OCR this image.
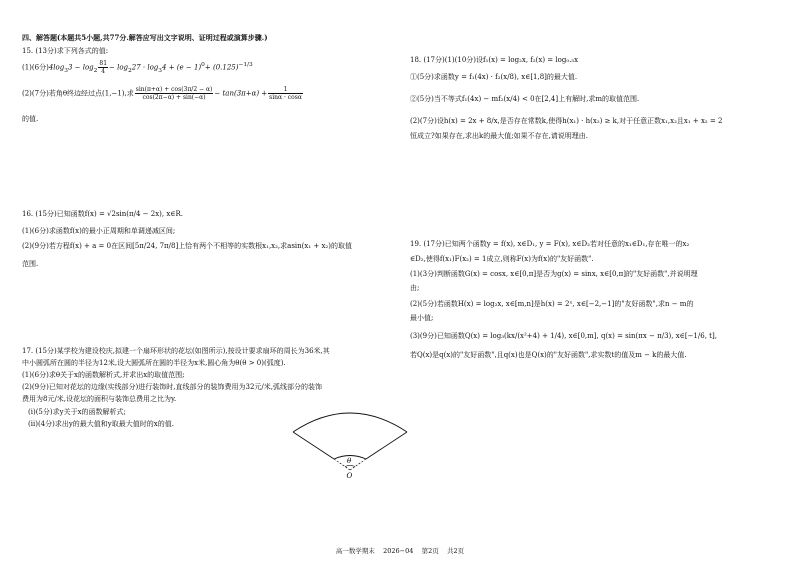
四、解答题(本题共5小题,共77分.解答应写出文字说明、证明过程或演算步骤.)
15. (13分)求下列各式的值:
(1)(6分)$4\log_33 - \log_2 \frac{81}{4} - \log_227 \cdot \log_34 + (e - 1)^0+ (0.125)^{-1/3}$
(2)(7分)若角θ终边经过点(1,−1),求 $\frac{\sin(\pi+\alpha) + \cos(3\pi/2 - \alpha)}{\cos(2\pi-\alpha) + \sin(-\alpha)} - \tan(3\pi+\alpha) + \frac{1}{\sin\alpha \cdot \cos\alpha}$
的值.
16. (15分)已知函数f(x) = √2sin(π/4 − 2x), x∈R.
(1)(6分)求函数f(x)的最小正周期和单调递减区间;
(2)(9分)若方程f(x) + a = 0在区间[5π/24, 7π/8]上恰有两个不相等的实数根x₁,x₂,求asin(x₁ + x₂)的取值
范围.
17. (15分)某学校为建设校庆,拟建一个扇环形状的花坛(如图所示),按设计要求扇环的周长为36米,其
中小圆弧所在圆的半径为12米,设大圆弧所在圆的半径为x米,圆心角为θ(θ > 0)(弧度).
(1)(6分)求θ关于x的函数解析式,并求出x的取值范围;
(2)(9分)已知对花坛的边缘(实线部分)进行装饰时,直线部分的装饰费用为32元/米,弧线部分的装饰
费用为8元/米,设花坛的面积与装饰总费用之比为y.
(ⅰ)(5分)求y关于x的函数解析式;
(ⅱ)(4分)求出y的最大值和y取最大值时的x的值.
θ
O
18. (17分)(1)(10分)设f₁(x) = log₂x, f₂(x) = log₀.₅x
①(5分)求函数y = f₁(4x) · f₂(x/8), x∈[1,8]的最大值.
②(5分)当不等式f₁(4x) − mf₂(x/4) < 0在[2,4]上有解时,求m的取值范围.
(2)(7分)设h(x) = 2x + 8/x,是否存在常数k,使得h(x₁) · h(x₂) ≥ k,对于任意正数x₁,x₂且x₁ + x₂ = 2
恒成立?如果存在,求出k的最大值;如果不存在,请说明理由.
19. (17分)已知两个函数y = f(x), x∈D₁, y = F(x), x∈D₂若对任意的x₁∈D₁,存在唯一的x₂
∈D₂,使得f(x₁)F(x₂) = 1成立,则称F(x)为f(x)的"友好函数".
(1)(3分)判断函数G(x) = cosx, x∈[0,π]是否为g(x) = sinx, x∈[0,π]的"友好函数",并说明理
由;
(2)(5分)若函数H(x) = log₂x, x∈[m,n]是h(x) = 2ˣ, x∈[−2,−1]的"友好函数",求n − m的
最小值;
(3)(9分)已知函数Q(x) = log₃(kx/(x²+4) + 1/4), x∈[0,m], q(x) = sin(πx − π/3), x∈[−1/6, t],
若Q(x)是q(x)的"友好函数",且q(x)也是Q(x)的"友好函数",求实数t的值及m − k的最大值.
高一数学期末    2026−04    第2页    共2页
